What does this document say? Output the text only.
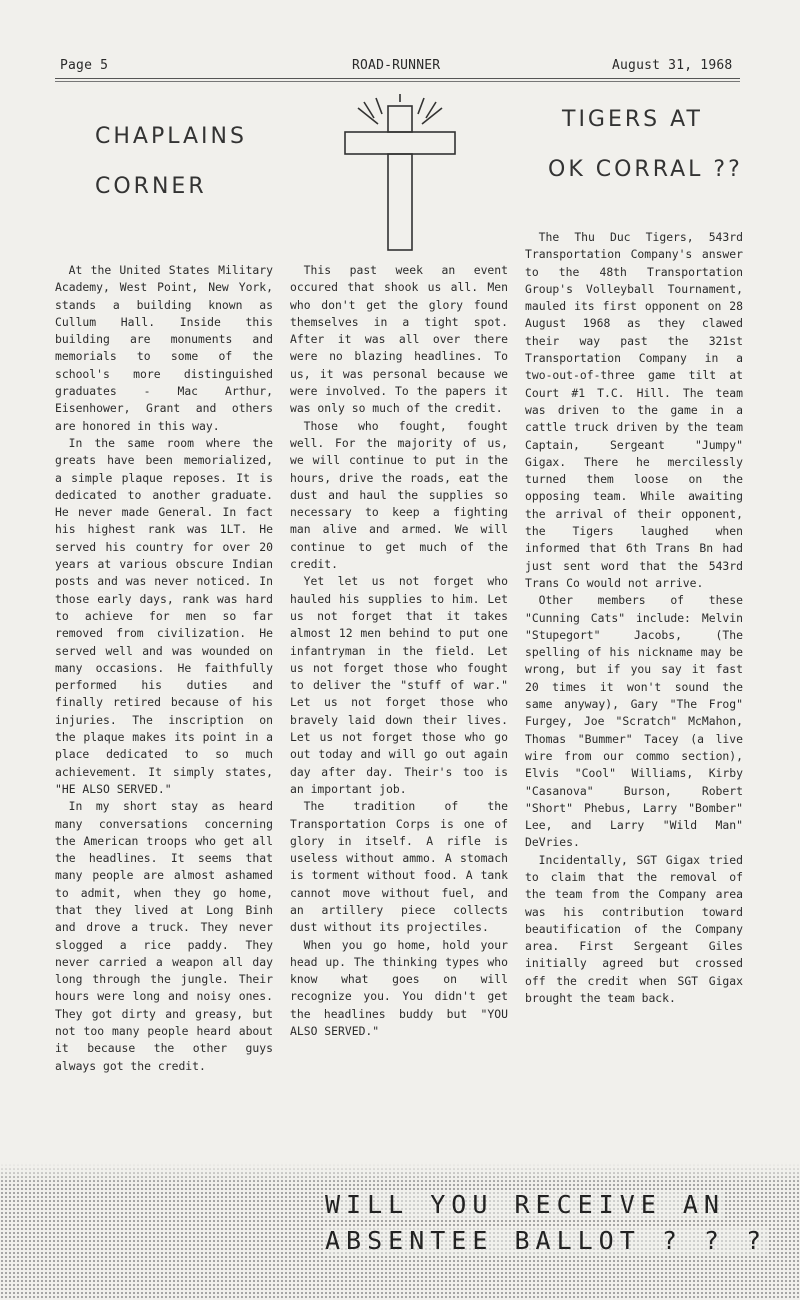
Page 5	ROAD-RUNNER	August 31, 1968
CHAPLAINS
CORNER
TIGERS AT
OK CORRAL ??

At the United States Military Academy, West Point, New York, stands a building known as Cullum Hall. Inside this building are monuments and memorials to some of the school's more distinguished graduates - Mac Arthur, Eisenhower, Grant and others are honored in this way.

In the same room where the greats have been memorialized, a simple plaque reposes. It is dedicated to another graduate. He never made General. In fact his highest rank was 1LT. He served his country for over 20 years at various obscure Indian posts and was never noticed. In those early days, rank was hard to achieve for men so far removed from civilization. He served well and was wounded on many occasions. He faithfully performed his duties and finally retired because of his injuries. The inscription on the plaque makes its point in a place dedicated to so much achievement. It simply states, "HE ALSO SERVED."

In my short stay as heard many conversations concerning the American troops who get all the headlines. It seems that many people are almost ashamed to admit, when they go home, that they lived at Long Binh and drove a truck. They never slogged a rice paddy. They never carried a weapon all day long through the jungle. Their hours were long and noisy ones. They got dirty and greasy, but not too many people heard about it because the other guys always got the credit.

This past week an event occured that shook us all. Men who don't get the glory found themselves in a tight spot. After it was all over there were no blazing headlines. To us, it was personal because we were involved. To the papers it was only so much of the credit.

Those who fought, fought well. For the majority of us, we will continue to put in the hours, drive the roads, eat the dust and haul the supplies so necessary to keep a fighting man alive and armed. We will continue to get much of the credit.

Yet let us not forget who hauled his supplies to him. Let us not forget that it takes almost 12 men behind to put one infantryman in the field. Let us not forget those who fought to deliver the "stuff of war." Let us not forget those who bravely laid down their lives. Let us not forget those who go out today and will go out again day after day. Their's too is an important job.

The tradition of the Transportation Corps is one of glory in itself. A rifle is useless without ammo. A stomach is torment without food. A tank cannot move without fuel, and an artillery piece collects dust without its projectiles.

When you go home, hold your head up. The thinking types who know what goes on will recognize you. You didn't get the headlines buddy but "YOU ALSO SERVED."

The Thu Duc Tigers, 543rd Transportation Company's answer to the 48th Transportation Group's Volleyball Tournament, mauled its first opponent on 28 August 1968 as they clawed their way past the 321st Transportation Company in a two-out-of-three game tilt at Court #1 T.C. Hill. The team was driven to the game in a cattle truck driven by the team Captain, Sergeant "Jumpy" Gigax. There he mercilessly turned them loose on the opposing team. While awaiting the arrival of their opponent, the Tigers laughed when informed that 6th Trans Bn had just sent word that the 543rd Trans Co would not arrive.

Other members of these "Cunning Cats" include: Melvin "Stupegort" Jacobs, (The spelling of his nickname may be wrong, but if you say it fast 20 times it won't sound the same anyway), Gary "The Frog" Furgey, Joe "Scratch" McMahon, Thomas "Bummer" Tacey (a live wire from our commo section), Elvis "Cool" Williams, Kirby "Casanova" Burson, Robert "Short" Phebus, Larry "Bomber" Lee, and Larry "Wild Man" DeVries.

Incidentally, SGT Gigax tried to claim that the removal of the team from the Company area was his contribution toward beautification of the Company area. First Sergeant Giles initially agreed but crossed off the credit when SGT Gigax brought the team back.

WILL YOU RECEIVE AN
ABSENTEE BALLOT ? ? ?
